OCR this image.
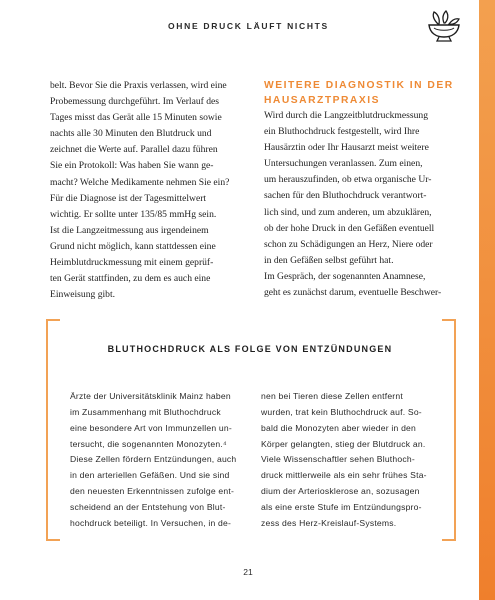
OHNE DRUCK LÄUFT NICHTS
belt. Bevor Sie die Praxis verlassen, wird eine
Probemessung durchgeführt. Im Verlauf des
Tages misst das Gerät alle 15 Minuten sowie
nachts alle 30 Minuten den Blutdruck und
zeichnet die Werte auf. Parallel dazu führen
Sie ein Protokoll: Was haben Sie wann ge-
macht? Welche Medikamente nehmen Sie ein?
Für die Diagnose ist der Tagesmittelwert
wichtig. Er sollte unter 135/85 mmHg sein.
Ist die Langzeitmessung aus irgendeinem
Grund nicht möglich, kann stattdessen eine
Heimblutdruckmessung mit einem geprüf-
ten Gerät stattfinden, zu dem es auch eine
Einweisung gibt.
WEITERE DIAGNOSTIK IN DER
HAUSARZTPRAXIS
Wird durch die Langzeitblutdruckmessung
ein Bluthochdruck festgestellt, wird Ihre
Hausärztin oder Ihr Hausarzt meist weitere
Untersuchungen veranlassen. Zum einen,
um herauszufinden, ob etwa organische Ur-
sachen für den Bluthochdruck verantwort-
lich sind, und zum anderen, um abzuklären,
ob der hohe Druck in den Gefäßen eventuell
schon zu Schädigungen an Herz, Niere oder
in den Gefäßen selbst geführt hat.
Im Gespräch, der sogenannten Anamnese,
geht es zunächst darum, eventuelle Beschwer-
BLUTHOCHDRUCK ALS FOLGE VON ENTZÜNDUNGEN
Ärzte der Universitätsklinik Mainz haben
im Zusammenhang mit Bluthochdruck
eine besondere Art von Immunzellen un-
tersucht, die sogenannten Monozyten.⁴
Diese Zellen fördern Entzündungen, auch
in den arteriellen Gefäßen. Und sie sind
den neuesten Erkenntnissen zufolge ent-
scheidend an der Entstehung von Blut-
hochdruck beteiligt. In Versuchen, in de-
nen bei Tieren diese Zellen entfernt
wurden, trat kein Bluthochdruck auf. So-
bald die Monozyten aber wieder in den
Körper gelangten, stieg der Blutdruck an.
Viele Wissenschaftler sehen Bluthoch-
druck mittlerweile als ein sehr frühes Sta-
dium der Arteriosklerose an, sozusagen
als eine erste Stufe im Entzündungspro-
zess des Herz-Kreislauf-Systems.
21
